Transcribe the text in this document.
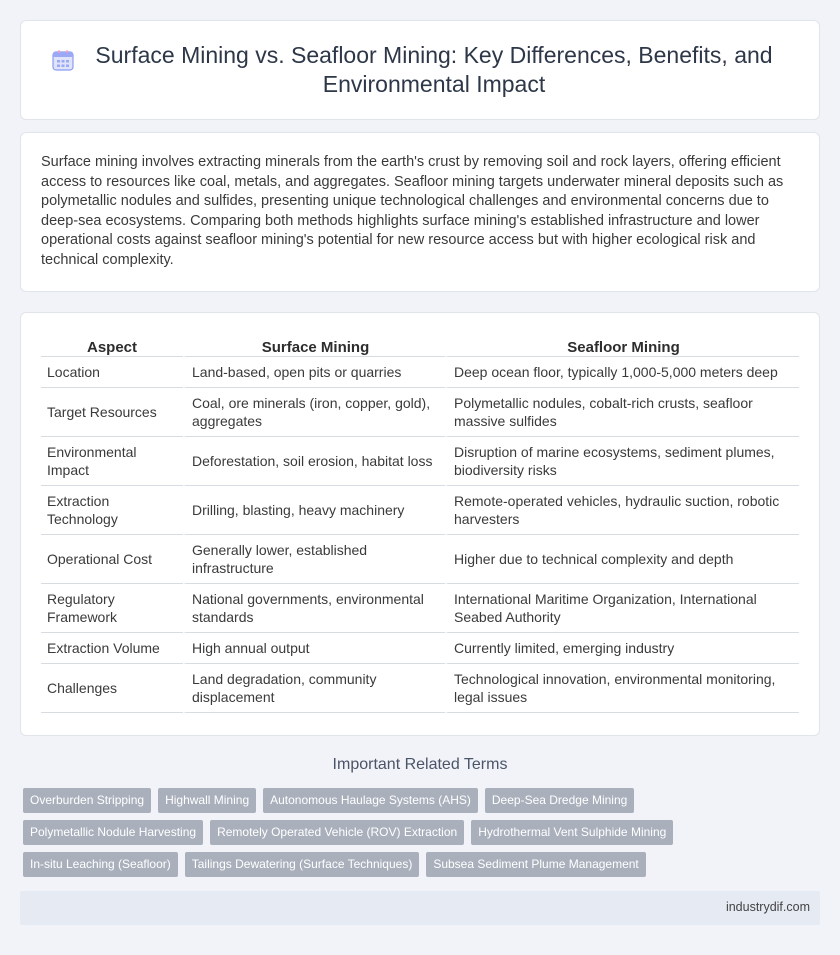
Surface Mining vs. Seafloor Mining: Key Differences, Benefits, and Environmental Impact

Surface mining involves extracting minerals from the earth's crust by removing soil and rock layers, offering efficient access to resources like coal, metals, and aggregates. Seafloor mining targets underwater mineral deposits such as polymetallic nodules and sulfides, presenting unique technological challenges and environmental concerns due to deep-sea ecosystems. Comparing both methods highlights surface mining's established infrastructure and lower operational costs against seafloor mining's potential for new resource access but with higher ecological risk and technical complexity.

Aspect	Surface Mining	Seafloor Mining
Location	Land-based, open pits or quarries	Deep ocean floor, typically 1,000-5,000 meters deep
Target Resources	Coal, ore minerals (iron, copper, gold), aggregates	Polymetallic nodules, cobalt-rich crusts, seafloor massive sulfides
Environmental Impact	Deforestation, soil erosion, habitat loss	Disruption of marine ecosystems, sediment plumes, biodiversity risks
Extraction Technology	Drilling, blasting, heavy machinery	Remote-operated vehicles, hydraulic suction, robotic harvesters
Operational Cost	Generally lower, established infrastructure	Higher due to technical complexity and depth
Regulatory Framework	National governments, environmental standards	International Maritime Organization, International Seabed Authority
Extraction Volume	High annual output	Currently limited, emerging industry
Challenges	Land degradation, community displacement	Technological innovation, environmental monitoring, legal issues
Important Related Terms
Overburden Stripping	Highwall Mining	Autonomous Haulage Systems (AHS)	Deep-Sea Dredge Mining
Polymetallic Nodule Harvesting	Remotely Operated Vehicle (ROV) Extraction	Hydrothermal Vent Sulphide Mining
In-situ Leaching (Seafloor)	Tailings Dewatering (Surface Techniques)	Subsea Sediment Plume Management
industrydif.com
